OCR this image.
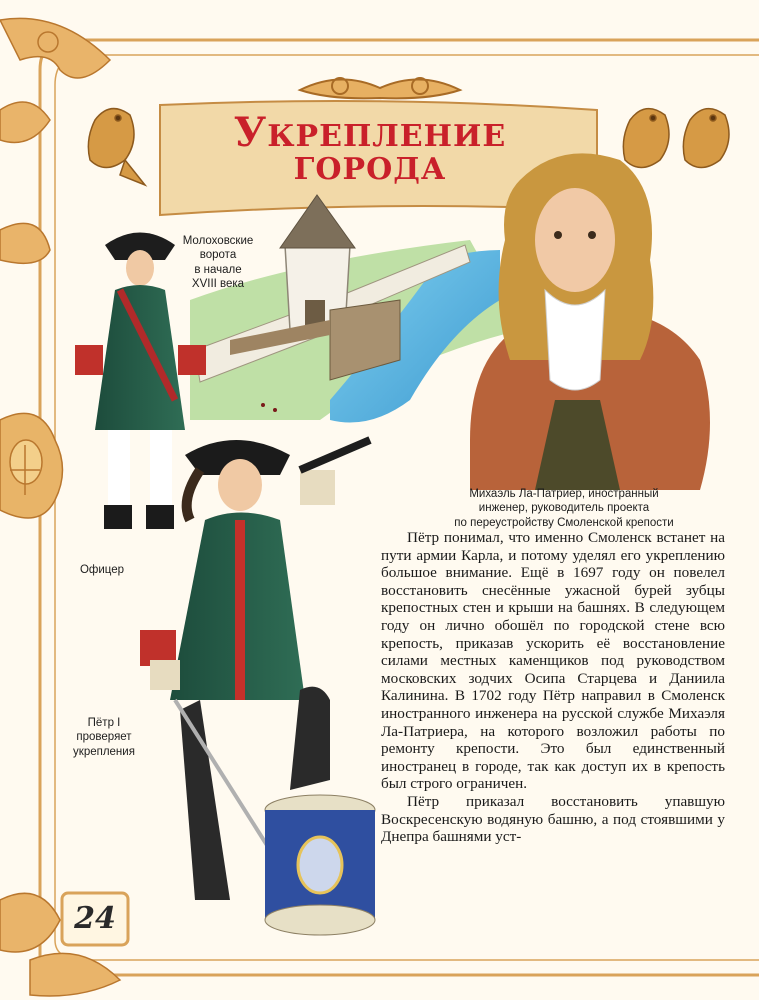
УКРЕПЛЕНИЕ
ГОРОДА
Молоховские
ворота
в начале
XVIII века
Михаэль Ла-Патриер, иностранный
инженер, руководитель проекта
по переустройству Смоленской крепости
Офицер
Пётр I
проверяет
укрепления

Пётр понимал, что именно Смоленск встанет на пути армии Карла, и потому уделял его укреплению большое внимание. Ещё в 1697 году он повелел восстановить снесённые ужасной бурей зубцы крепостных стен и крыши на башнях. В следующем году он лично обошёл по городской стене всю крепость, приказав ускорить её восстановление силами местных каменщиков под руководством московских зодчих Осипа Старцева и Даниила Калинина. В 1702 году Пётр направил в Смоленск иностранного инженера на русской службе Михаэля Ла-Патриера, на которого возложил работы по ремонту крепости. Это был единственный иностранец в городе, так как доступ их в крепость был строго ограничен.

Пётр приказал восстановить упавшую Воскресенскую водяную башню, а под стоявшими у Днепра башнями уст-

24
